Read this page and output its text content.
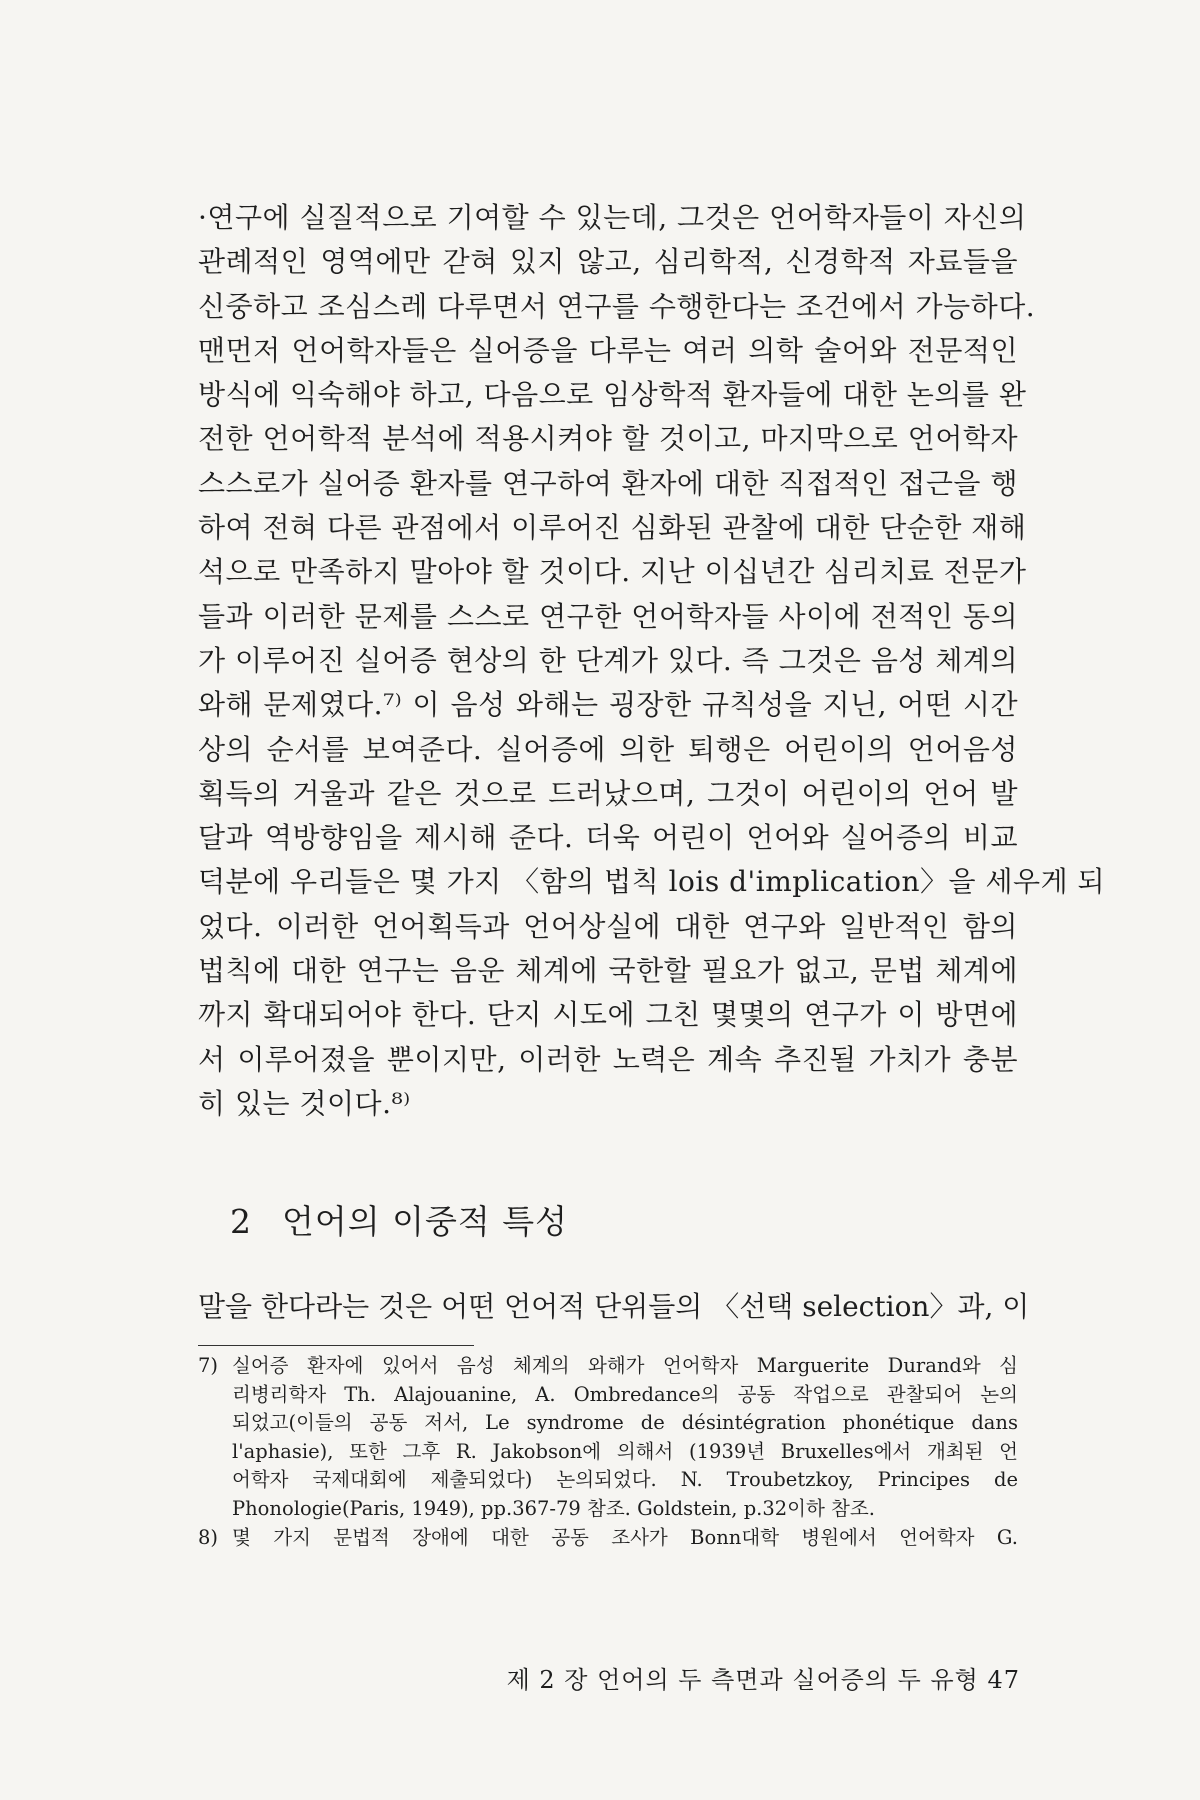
·연구에 실질적으로 기여할 수 있는데, 그것은 언어학자들이 자신의
관례적인 영역에만 갇혀 있지 않고, 심리학적, 신경학적 자료들을
신중하고 조심스레 다루면서 연구를 수행한다는 조건에서 가능하다.
맨먼저 언어학자들은 실어증을 다루는 여러 의학 술어와 전문적인
방식에 익숙해야 하고, 다음으로 임상학적 환자들에 대한 논의를 완
전한 언어학적 분석에 적용시켜야 할 것이고, 마지막으로 언어학자
스스로가 실어증 환자를 연구하여 환자에 대한 직접적인 접근을 행
하여 전혀 다른 관점에서 이루어진 심화된 관찰에 대한 단순한 재해
석으로 만족하지 말아야 할 것이다. 지난 이십년간 심리치료 전문가
들과 이러한 문제를 스스로 연구한 언어학자들 사이에 전적인 동의
가 이루어진 실어증 현상의 한 단계가 있다. 즉 그것은 음성 체계의
와해 문제였다.⁷⁾ 이 음성 와해는 굉장한 규칙성을 지닌, 어떤 시간
상의 순서를 보여준다. 실어증에 의한 퇴행은 어린이의 언어음성
획득의 거울과 같은 것으로 드러났으며, 그것이 어린이의 언어 발
달과 역방향임을 제시해 준다. 더욱 어린이 언어와 실어증의 비교
덕분에 우리들은 몇 가지 〈함의 법칙 lois d'implication〉을 세우게 되
었다. 이러한 언어획득과 언어상실에 대한 연구와 일반적인 함의
법칙에 대한 연구는 음운 체계에 국한할 필요가 없고, 문법 체계에
까지 확대되어야 한다. 단지 시도에 그친 몇몇의 연구가 이 방면에
서 이루어졌을 뿐이지만, 이러한 노력은 계속 추진될 가치가 충분
히 있는 것이다.⁸⁾
2 언어의 이중적 특성

말을 한다라는 것은 어떤 언어적 단위들의 〈선택 selection〉과, 이

7) 실어증 환자에 있어서 음성 체계의 와해가 언어학자 Marguerite Durand와 심
리병리학자 Th. Alajouanine, A. Ombredance의 공동 작업으로 관찰되어 논의
되었고(이들의 공동 저서, Le syndrome de désintégration phonétique dans
l'aphasie), 또한 그후 R. Jakobson에 의해서 (1939년 Bruxelles에서 개최된 언
어학자 국제대회에 제출되었다) 논의되었다. N. Troubetzkoy, Principes de
Phonologie(Paris, 1949), pp.367-79 참조. Goldstein, p.32이하 참조.
8) 몇 가지 문법적 장애에 대한 공동 조사가 Bonn대학 병원에서 언어학자 G.
제 2 장 언어의 두 측면과 실어증의 두 유형 47
